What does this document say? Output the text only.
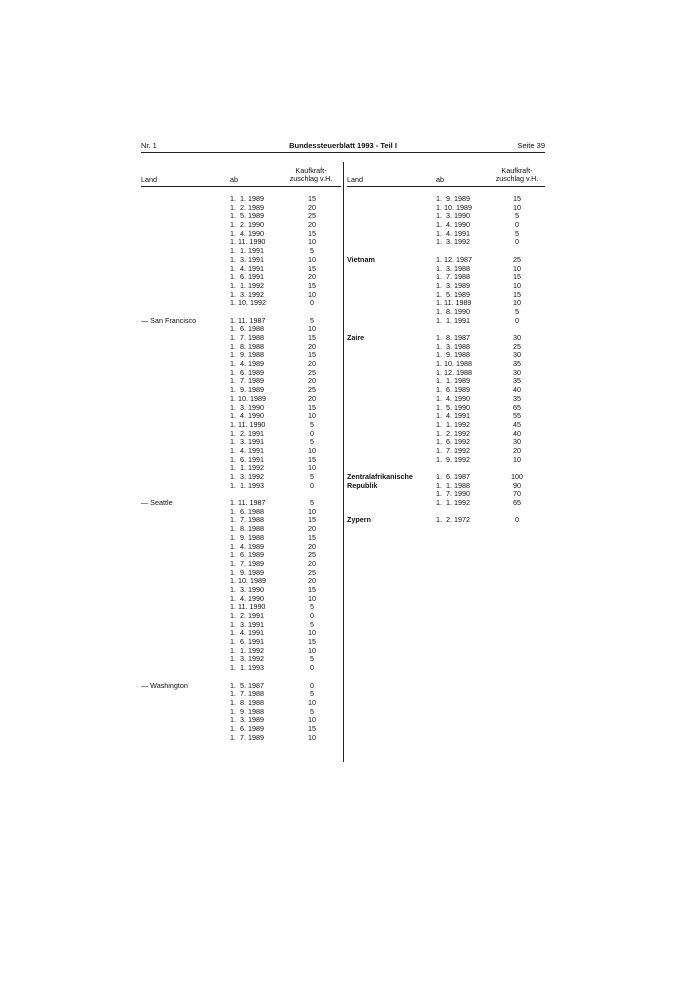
Nr. 1	Bundessteuerblatt 1993 - Teil I	Seite 39
Land	ab
Kaufkraft-
zuschlag v.H.
1.  1. 1989	15
1.  2. 1989	20
1.  5. 1989	25
1.  2. 1990	20
1.  4. 1990	15
1. 11. 1990	10
1.  1. 1991	5
1.  3. 1991	10
1.  4. 1991	15
1.  6. 1991	20
1.  1. 1992	15
1.  3. 1992	10
1. 10. 1992	0
— San Francisco	1. 11. 1987	5
1.  6. 1988	10
1.  7. 1988	15
1.  8. 1988	20
1.  9. 1988	15
1.  4. 1989	20
1.  6. 1989	25
1.  7. 1989	20
1.  9. 1989	25
1. 10. 1989	20
1.  3. 1990	15
1.  4. 1990	10
1. 11. 1990	5
1.  2. 1991	0
1.  3. 1991	5
1.  4. 1991	10
1.  6. 1991	15
1.  1. 1992	10
1.  3. 1992	5
1.  1. 1993	0
— Seattle	1. 11. 1987	5
1.  6. 1988	10
1.  7. 1988	15
1.  8. 1988	20
1.  9. 1988	15
1.  4. 1989	20
1.  6. 1989	25
1.  7. 1989	20
1.  9. 1989	25
1. 10. 1989	20
1.  3. 1990	15
1.  4. 1990	10
1. 11. 1990	5
1.  2. 1991	0
1.  3. 1991	5
1.  4. 1991	10
1.  6. 1991	15
1.  1. 1992	10
1.  3. 1992	5
1.  1. 1993	0
— Washington	1.  5. 1987	0
1.  7. 1988	5
1.  8. 1988	10
1.  9. 1988	5
1.  3. 1989	10
1.  6. 1989	15
1.  7. 1989	10
Land	ab
Kaufkraft-
zuschlag v.H.
1.  9. 1989	15
1. 10. 1989	10
1.  3. 1990	5
1.  4. 1990	0
1.  4. 1991	5
1.  3. 1992	0
Vietnam	1. 12. 1987	25
1.  3. 1988	10
1.  7. 1988	15
1.  3. 1989	10
1.  5. 1989	15
1. 11. 1989	10
1.  8. 1990	5
1.  1. 1991	0
Zaire	1.  8. 1987	30
1.  3. 1988	25
1.  9. 1988	30
1. 10. 1988	35
1. 12. 1988	30
1.  1. 1989	35
1.  6. 1989	40
1.  4. 1990	35
1.  5. 1990	65
1.  4. 1991	55
1.  1. 1992	45
1.  2. 1992	40
1.  6. 1992	30
1.  7. 1992	20
1.  9. 1992	10
Zentralafrikanische	1.  6. 1987	100
Republik	1.  1. 1988	90
1.  7. 1990	70
1.  1. 1992	65
Zypern	1.  2. 1972	0
